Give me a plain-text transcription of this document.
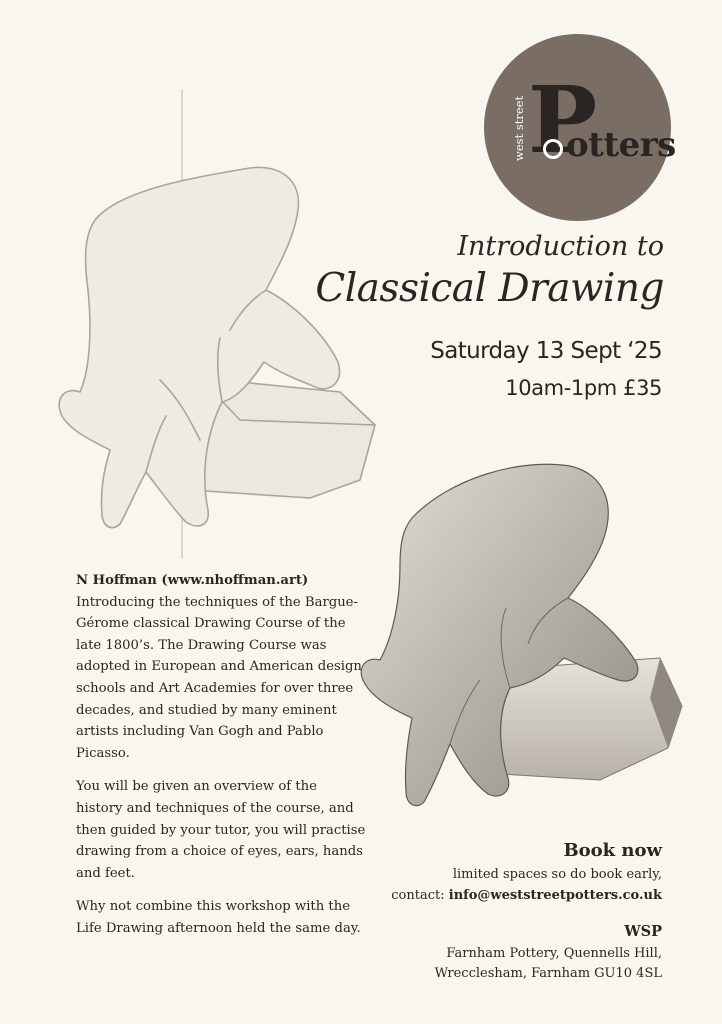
west street P
otters
Introduction to
Classical Drawing
Saturday 13 Sept ‘25
10am-1pm £35

N Hoffman (www.nhoffman.art)
Introducing the techniques of the Bargue-Gérome classical Drawing Course of the late 1800’s. The Drawing Course was adopted in European and American design schools and Art Academies for over three decades, and studied by many eminent artists including Van Gogh and Pablo Picasso.

You will be given an overview of the history and techniques of the course, and then guided by your tutor, you will practise drawing from a choice of eyes, ears, hands and feet.

Why not combine this workshop with the Life Drawing afternoon held the same day.

Book now
limited spaces so do book early,
contact: info@weststreetpotters.co.uk
WSP
Farnham Pottery, Quennells Hill,
Wrecclesham, Farnham GU10 4SL
